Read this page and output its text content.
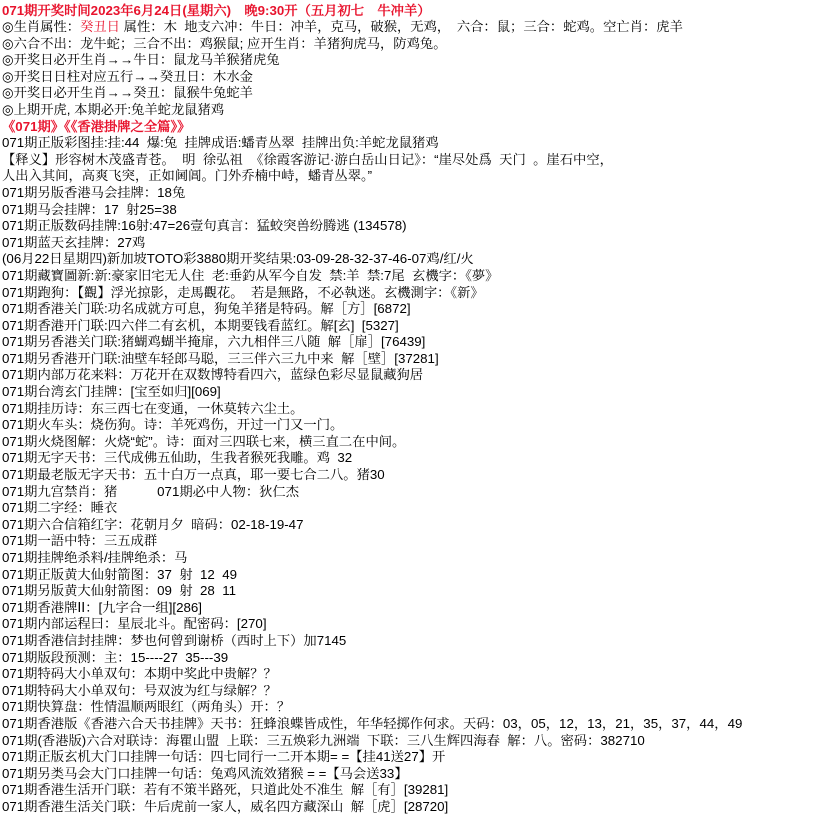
071期开奖时间2023年6月24日(星期六)　晚9:30开（五月初七　牛冲羊）
◎生肖属性：癸丑日 属性：木  地支六冲：牛日：冲羊，克马，破猴，无鸡，　六合：鼠；三合：蛇鸡。空亡肖：虎羊
◎六合不出：龙牛蛇；三合不出：鸡猴鼠; 应开生肖：羊猪狗虎马，防鸡兔。
◎开奖日必开生肖→→牛日：鼠龙马羊猴猪虎兔
◎开奖日日柱对应五行→→癸丑日：木水金
◎开奖日必开生肖→→癸丑：鼠猴牛兔蛇羊
◎上期开虎, 本期必开:兔羊蛇龙鼠猪鸡
《071期》《《香港掛牌之全篇》》
071期正版彩图挂:挂:44  爆:兔  挂牌成语:蟠青丛翠  挂牌出负:羊蛇龙鼠猪鸡
【释义】形容树木茂盛青苍。  明  徐弘祖  《徐霞客游记·游白岳山日记》：“崖尽处爲  天门  。崖石中空，
人出入其间，高爽飞突，正如阃阊。门外乔楠中峙，蟠青丛翠。”
071期另版香港马会挂牌：18兔
071期马会挂牌：17  射25=38
071期正版数码挂牌:16射:47=26壹句真言：猛蛟突兽纷腾逃 (134578)
071期蓝天玄挂牌：27鸡
(06月22日星期四)新加坡TOTO彩3880期开奖结果:03-09-28-32-37-46-07鸡/红/火
071期藏寶圖新:新:豪家旧宅无人住  老:垂釣从军今自发  禁:羊  禁:7尾  玄機字：《夢》
071期跑狗：【觀】浮光掠影，走馬觀花。  若是無路，不必執迷。玄機測字：《新》
071期香港关门联:功名成就方可息，狗兔羊猪是特码。解［方］[6872]
071期香港开门联:四六伴二有玄机，本期要钱看蓝红。解[玄]  [5327]
071期另香港关门联:猪蝴鸡蝴半掩扉，六九相伴三八随  解［扉］[76439]
071期另香港开门联:油壁车轻郎马聪，三三伴六三九中来  解［壁］[37281]
071期内部万花来料：万花开在双数博特看四六，蓝绿色彩尽显鼠藏狗居
071期台湾玄门挂牌：[宝至如归][069]
071期挂历诗：东三西七在变通，一休莫转六尘土。
071期火车头：烧伤狗。诗：羊死鸡伤，开过一门又一门。
071期火烧图解：火烧“蛇”。诗：面对三四联七来，横三直二在中间。
071期无字天书：三代成佛五仙助，生我者猴死我雕。鸡  32
071期最老版无字天书：五十白万一点真，耶一要七合二八。猪30
071期九宫禁肖：猪　　　071期必中人物：狄仁杰
071期二字经：睡衣
071期六合信箱红字：花朝月夕  暗码：02-18-19-47
071期一語中特：三五成群
071期挂牌绝杀料/挂牌绝杀：马
071期正版黄大仙射箭图：37  射  12  49
071期另版黄大仙射箭图：09  射  28  11
071期香港牌ⅠⅠ：[九字合一组][286]
071期内部运程曰：星辰北斗。配密码：[270]
071期香港信封挂牌：梦也何曾到谢桥（西时上下）加7145
071期版段预测：主：15----27  35---39
071期特码大小单双句：本期中奖此中贵解？？
071期特码大小单双句：号双波为红与绿解？？
071期快算盘：性情温顺两眼红（两角头）开：？
071期香港版《香港六合天书挂牌》天书：狂蜂浪蝶皆成性，年华轻掷作何求。天码：03，05，12，13，21，35，37，44，49
071期(香港版)六合对联诗：海瞿山盟  上联：三五焕彩九洲端  下联：三八生辉四海春  解：八。密码：382710
071期正版玄机大门口挂牌一句话：四七同行一二开本期= =【挂41送27】开
071期另类马会大门口挂牌一句话：兔鸡风流效猪猴 = =【马会送33】
071期香港生活开门联：若有不策半路死，只道此处不准生  解［有］[39281]
071期香港生活关门联：牛后虎前一家人，威名四方藏深山  解［虎］[28720]
